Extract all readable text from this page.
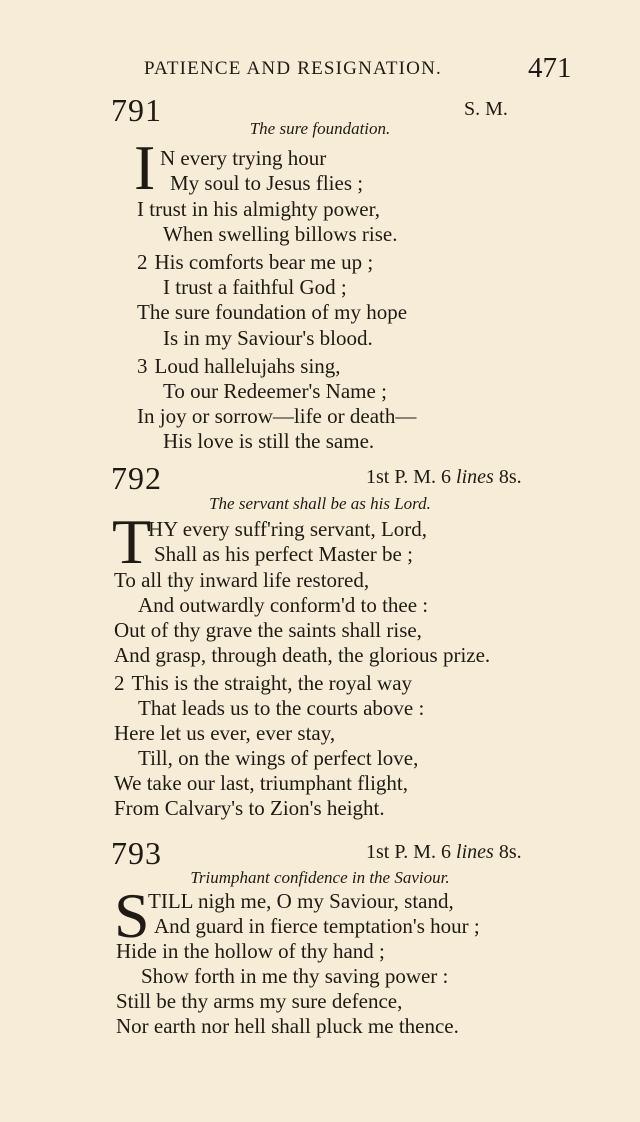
PATIENCE AND RESIGNATION.	471
791	S. M.
The sure foundation.
I N every trying hour
My soul to Jesus flies ;
I trust in his almighty power,
When swelling billows rise.
2 His comforts bear me up ;
I trust a faithful God ;
The sure foundation of my hope
Is in my Saviour's blood.
3 Loud hallelujahs sing,
To our Redeemer's Name ;
In joy or sorrow—life or death—
His love is still the same.
792	1st P. M. 6 lines 8s.
The servant shall be as his Lord.
T
HY every suff'ring servant, Lord,
Shall as his perfect Master be ;
To all thy inward life restored,
And outwardly conform'd to thee :
Out of thy grave the saints shall rise,
And grasp, through death, the glorious prize.
2 This is the straight, the royal way
That leads us to the courts above :
Here let us ever, ever stay,
Till, on the wings of perfect love,
We take our last, triumphant flight,
From Calvary's to Zion's height.
793	1st P. M. 6 lines 8s.
Triumphant confidence in the Saviour.
S
TILL nigh me, O my Saviour, stand,
And guard in fierce temptation's hour ;
Hide in the hollow of thy hand ;
Show forth in me thy saving power :
Still be thy arms my sure defence,
Nor earth nor hell shall pluck me thence.
